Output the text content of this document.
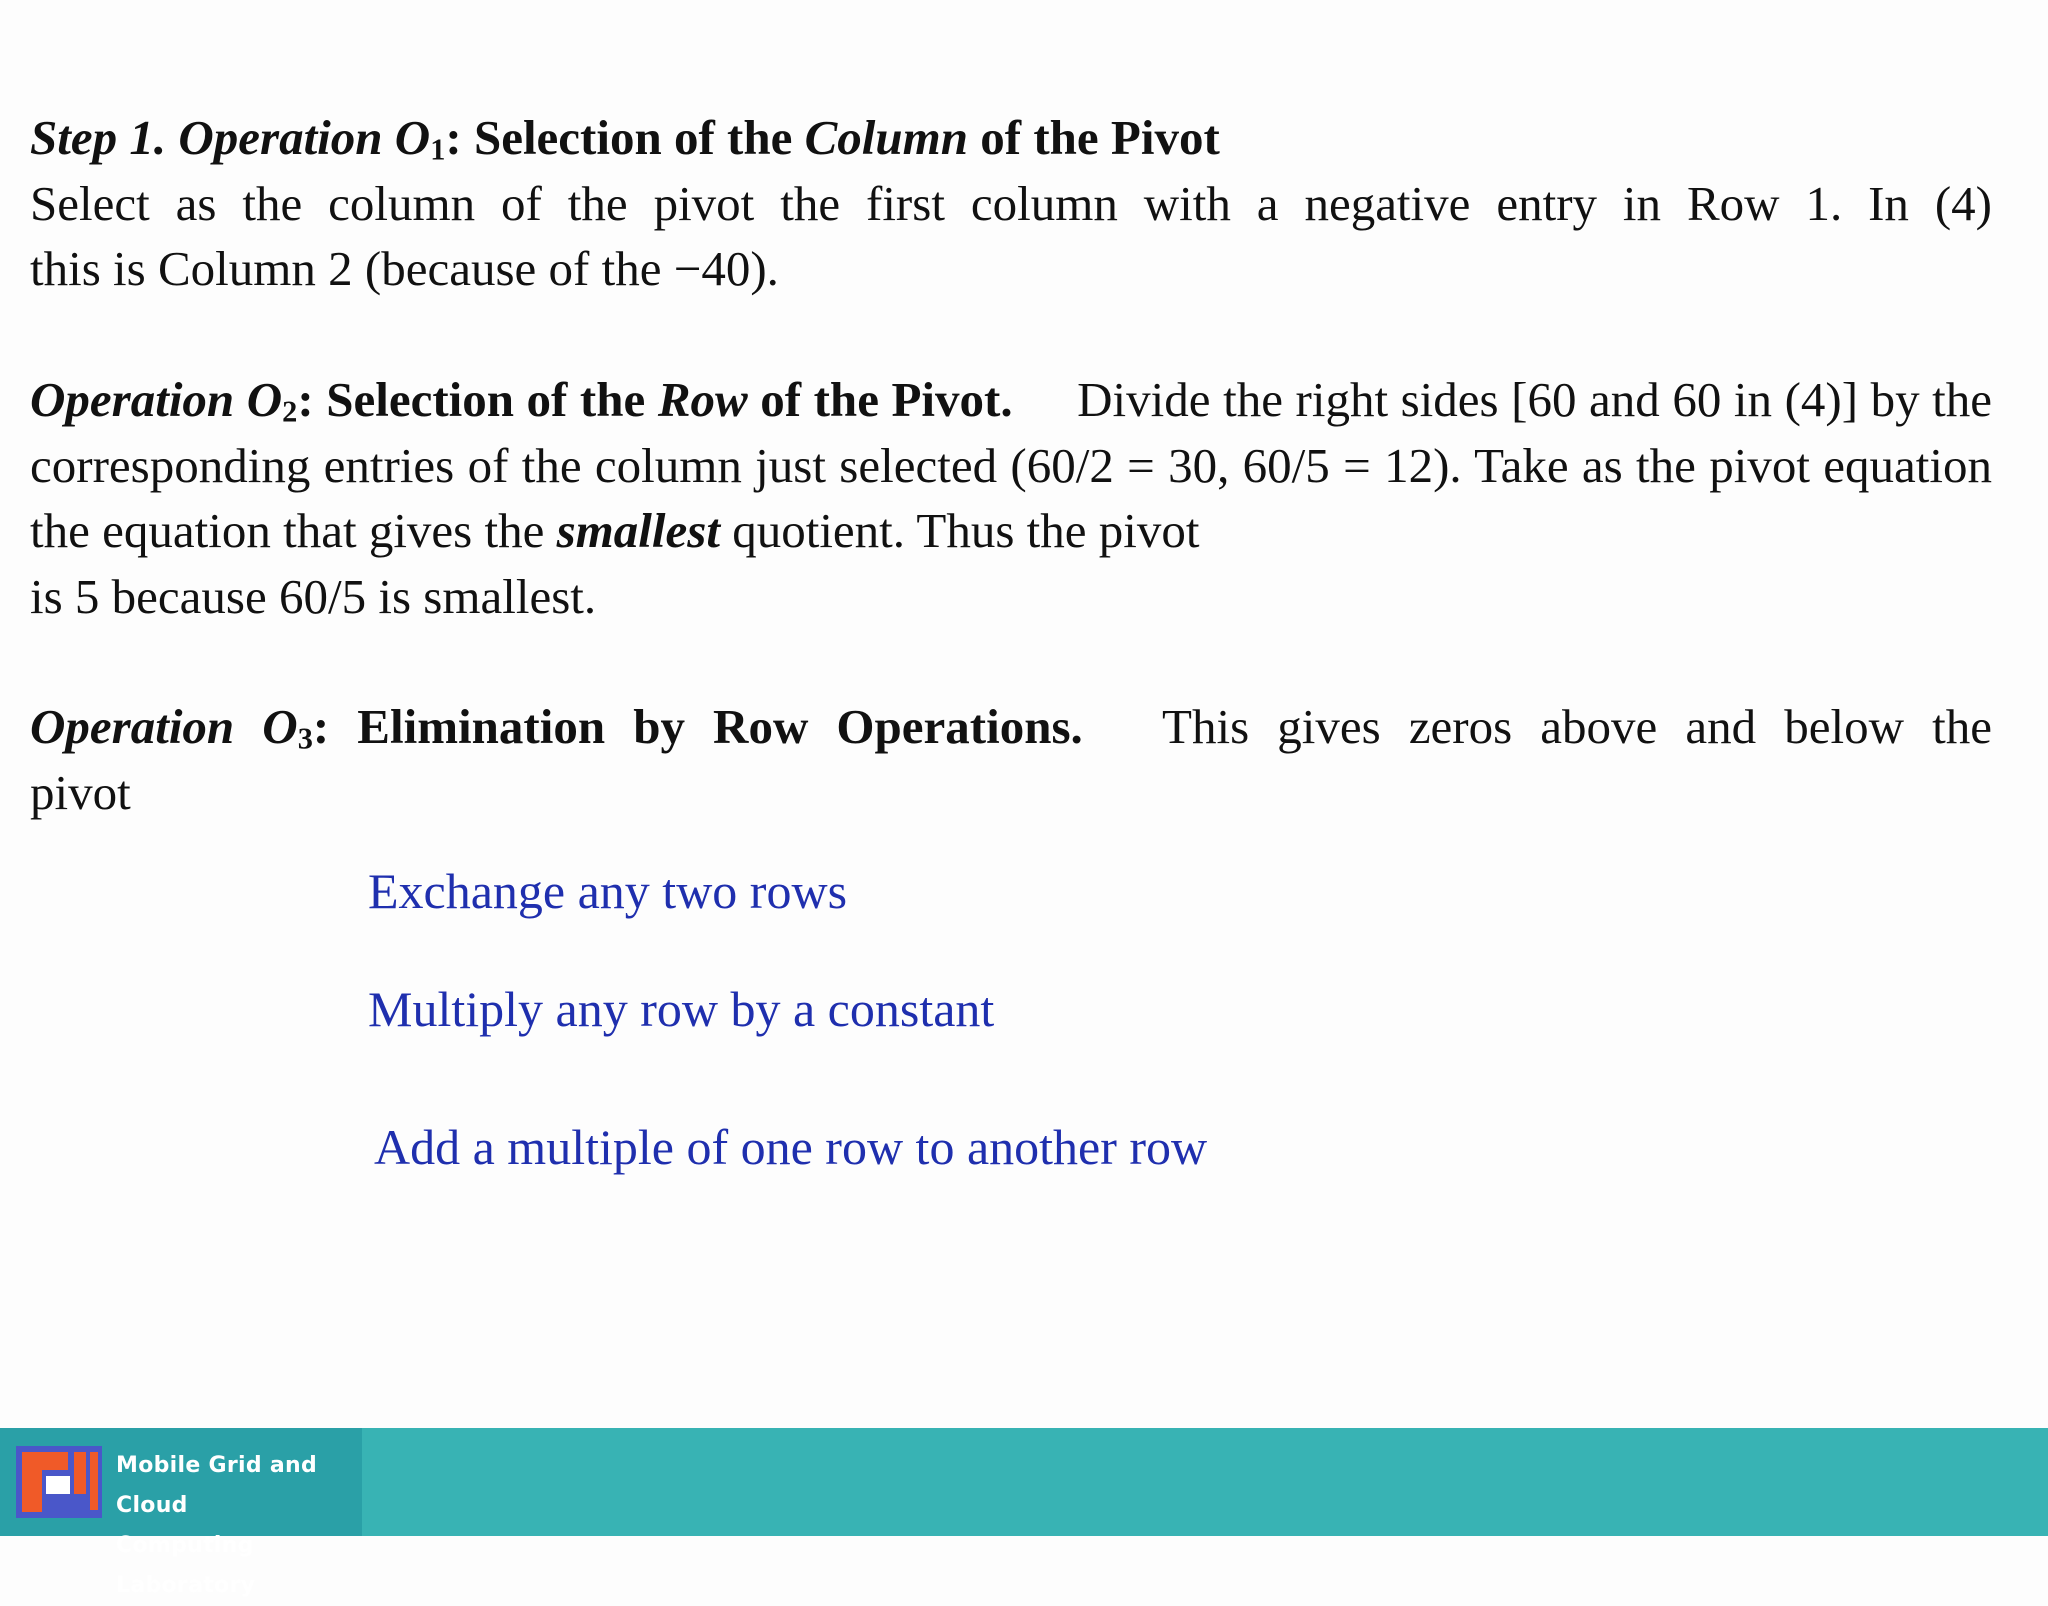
Step 1. Operation $O_1$: Selection of the Column of the Pivot
Select as the column of the pivot the first column with a negative entry in Row 1. In (4)
this is Column 2 (because of the −40).
Operation $O_2$: Selection of the Row of the Pivot. Divide the right sides [60 and 60 in (4)] by the corresponding entries of the column just selected (60/2 = 30, 60/5 = 12). Take as the pivot equation the equation that gives the smallest quotient. Thus the pivot
is 5 because 60/5 is smallest.
Operation $O_3$: Elimination by Row Operations. This gives zeros above and below the
pivot
Exchange any two rows
Multiply any row by a constant
Add a multiple of one row to another row
Mobile Grid and Cloud
Computing Laboratory
